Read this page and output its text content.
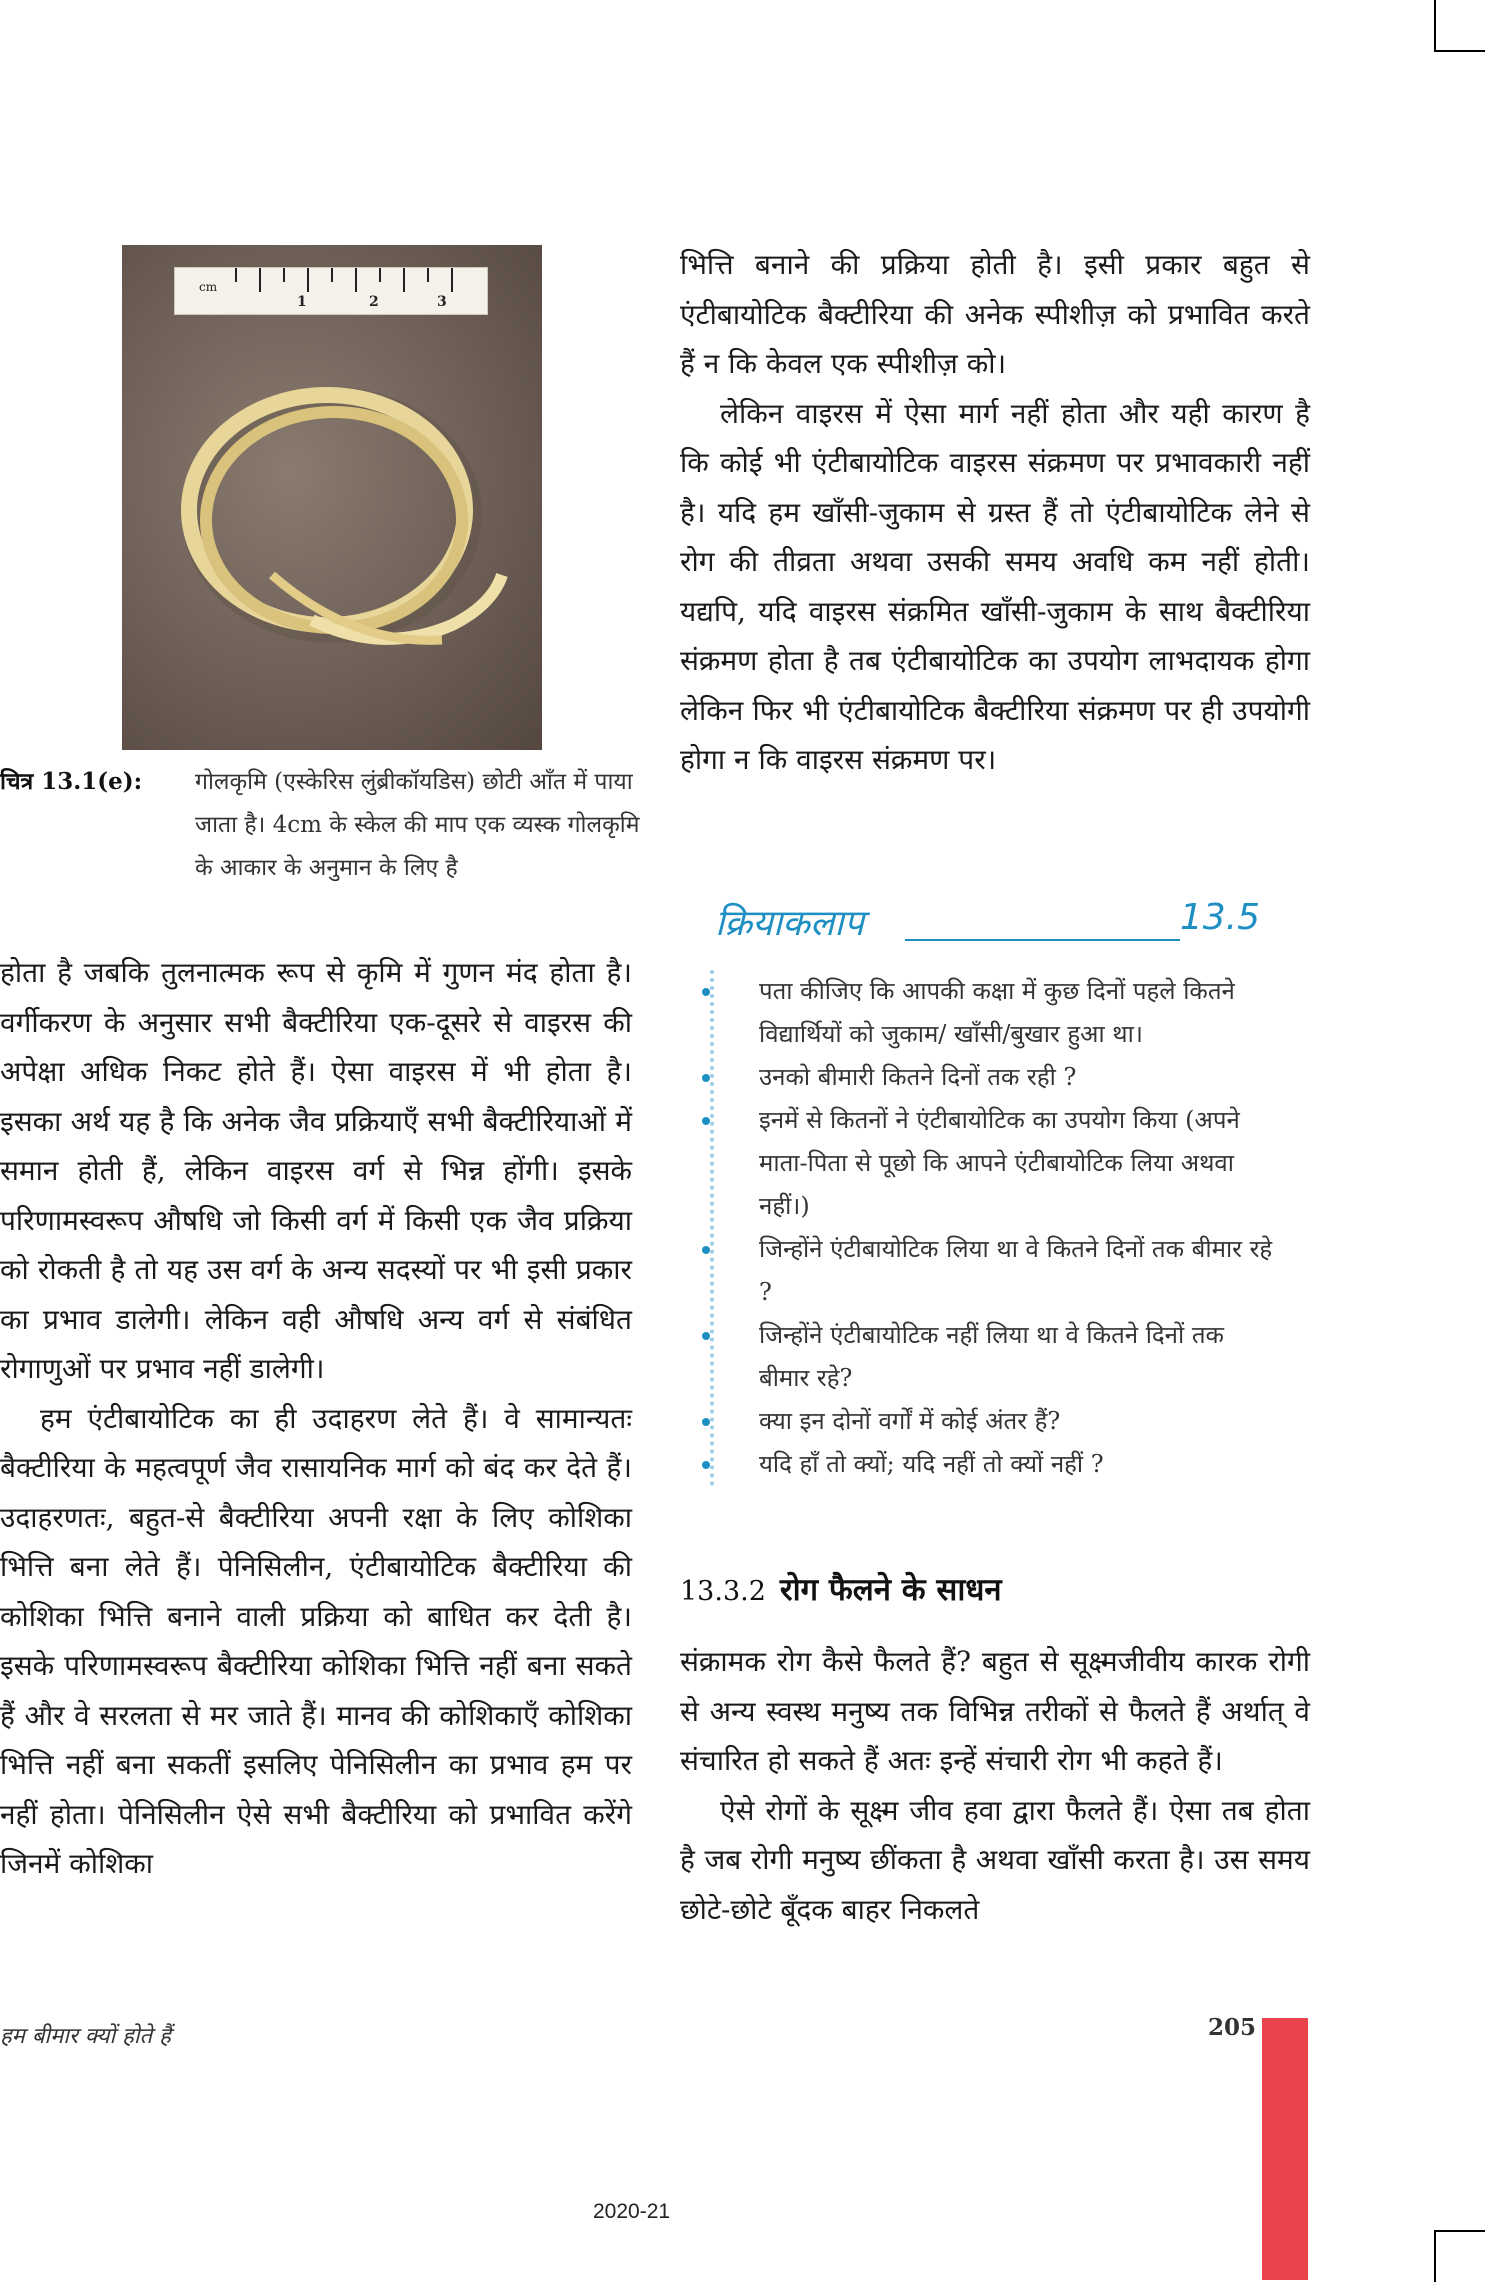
cm
1	2	3
चित्र 13.1(e): गोलकृमि (एस्केरिस लुंब्रीकॉयडिस) छोटी आँत में पाया जाता है। 4cm के स्केल की माप एक व्यस्क गोलकृमि के आकार के अनुमान के लिए है

होता है जबकि तुलनात्मक रूप से कृमि में गुणन मंद होता है। वर्गीकरण के अनुसार सभी बैक्टीरिया एक-दूसरे से वाइरस की अपेक्षा अधिक निकट होते हैं। ऐसा वाइरस में भी होता है। इसका अर्थ यह है कि अनेक जैव प्रक्रियाएँ सभी बैक्टीरियाओं में समान होती हैं, लेकिन वाइरस वर्ग से भिन्न होंगी। इसके परिणामस्वरूप औषधि जो किसी वर्ग में किसी एक जैव प्रक्रिया को रोकती है तो यह उस वर्ग के अन्य सदस्यों पर भी इसी प्रकार का प्रभाव डालेगी। लेकिन वही औषधि अन्य वर्ग से संबंधित रोगाणुओं पर प्रभाव नहीं डालेगी।

हम एंटीबायोटिक का ही उदाहरण लेते हैं। वे सामान्यतः बैक्टीरिया के महत्वपूर्ण जैव रासायनिक मार्ग को बंद कर देते हैं। उदाहरणतः, बहुत-से बैक्टीरिया अपनी रक्षा के लिए कोशिका भित्ति बना लेते हैं। पेनिसिलीन, एंटीबायोटिक बैक्टीरिया की कोशिका भित्ति बनाने वाली प्रक्रिया को बाधित कर देती है। इसके परिणामस्वरूप बैक्टीरिया कोशिका भित्ति नहीं बना सकते हैं और वे सरलता से मर जाते हैं। मानव की कोशिकाएँ कोशिका भित्ति नहीं बना सकतीं इसलिए पेनिसिलीन का प्रभाव हम पर नहीं होता। पेनिसिलीन ऐसे सभी बैक्टीरिया को प्रभावित करेंगे जिनमें कोशिका

भित्ति बनाने की प्रक्रिया होती है। इसी प्रकार बहुत से एंटीबायोटिक बैक्टीरिया की अनेक स्पीशीज़ को प्रभावित करते हैं न कि केवल एक स्पीशीज़ को।

लेकिन वाइरस में ऐसा मार्ग नहीं होता और यही कारण है कि कोई भी एंटीबायोटिक वाइरस संक्रमण पर प्रभावकारी नहीं है। यदि हम खाँसी-जुकाम से ग्रस्त हैं तो एंटीबायोटिक लेने से रोग की तीव्रता अथवा उसकी समय अवधि कम नहीं होती। यद्यपि, यदि वाइरस संक्रमित खाँसी-जुकाम के साथ बैक्टीरिया संक्रमण होता है तब एंटीबायोटिक का उपयोग लाभदायक होगा लेकिन फिर भी एंटीबायोटिक बैक्टीरिया संक्रमण पर ही उपयोगी होगा न कि वाइरस संक्रमण पर।

क्रियाकलाप	13.5
पता कीजिए कि आपकी कक्षा में कुछ दिनों पहले कितने विद्यार्थियों को जुकाम/ खाँसी/बुखार हुआ था।
उनको बीमारी कितने दिनों तक रही ?
इनमें से कितनों ने एंटीबायोटिक का उपयोग किया (अपने माता-पिता से पूछो कि आपने एंटीबायोटिक लिया अथवा नहीं।)
जिन्होंने एंटीबायोटिक लिया था वे कितने दिनों तक बीमार रहे ?
जिन्होंने एंटीबायोटिक नहीं लिया था वे कितने दिनों तक बीमार रहे?
क्या इन दोनों वर्गों में कोई अंतर हैं?
यदि हाँ तो क्यों; यदि नहीं तो क्यों नहीं ?
13.3.2 रोग फैलने के साधन

संक्रामक रोग कैसे फैलते हैं? बहुत से सूक्ष्मजीवीय कारक रोगी से अन्य स्वस्थ मनुष्य तक विभिन्न तरीकों से फैलते हैं अर्थात् वे संचारित हो सकते हैं अतः इन्हें संचारी रोग भी कहते हैं।

ऐसे रोगों के सूक्ष्म जीव हवा द्वारा फैलते हैं। ऐसा तब होता है जब रोगी मनुष्य छींकता है अथवा खाँसी करता है। उस समय छोटे-छोटे बूँदक बाहर निकलते

हम बीमार क्यों होते हैं	205
2020-21
